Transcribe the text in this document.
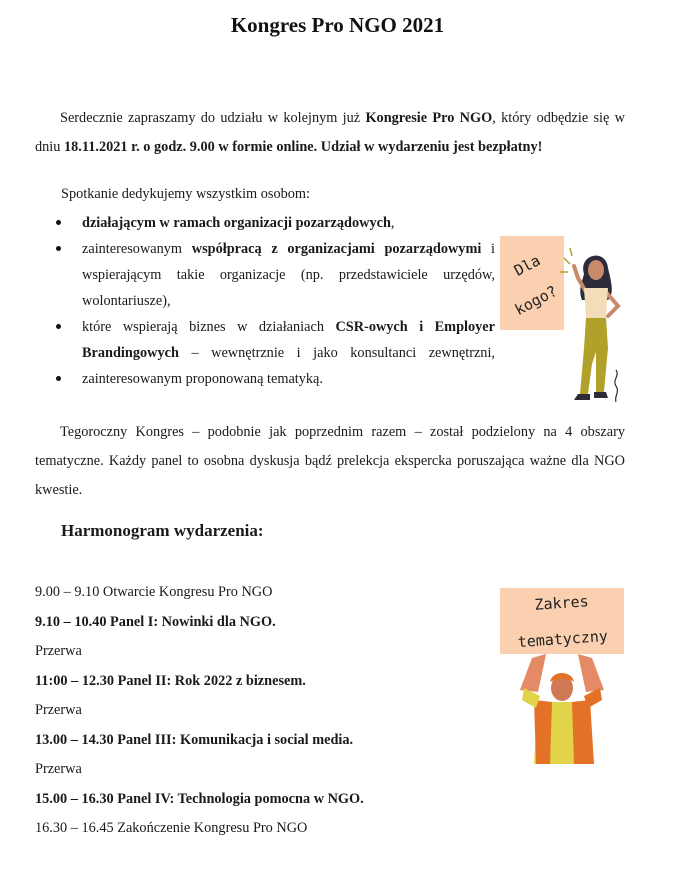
Kongres Pro NGO 2021

Serdecznie zapraszamy do udziału w kolejnym już Kongresie Pro NGO, który odbędzie się w dniu 18.11.2021 r. o godz. 9.00 w formie online. Udział w wydarzeniu jest bezpłatny!

Spotkanie dedykujemy wszystkim osobom:
działającym w ramach organizacji pozarządowych,
zainteresowanym współpracą z organizacjami pozarządowymi i wspierającym takie organizacje (np. przedstawiciele urzędów, wolontariusze),
które wspierają biznes w działaniach CSR-owych i Employer Brandingowych – wewnętrznie i jako konsultanci zewnętrzni,
zainteresowanym proponowaną tematyką.

Tegoroczny Kongres – podobnie jak poprzednim razem – został podzielony na 4 obszary tematyczne. Każdy panel to osobna dyskusja bądź prelekcja ekspercka poruszająca ważne dla NGO kwestie.

Harmonogram wydarzenia:
9.00 – 9.10 Otwarcie Kongresu Pro NGO
9.10 – 10.40 Panel I: Nowinki dla NGO.
Przerwa
11:00 – 12.30 Panel II: Rok 2022 z biznesem.
Przerwa
13.00 – 14.30 Panel III: Komunikacja i social media.
Przerwa
15.00 – 16.30 Panel IV: Technologia pomocna w NGO.
16.30 – 16.45 Zakończenie Kongresu Pro NGO
Dla

kogo?
Zakres

tematyczny
